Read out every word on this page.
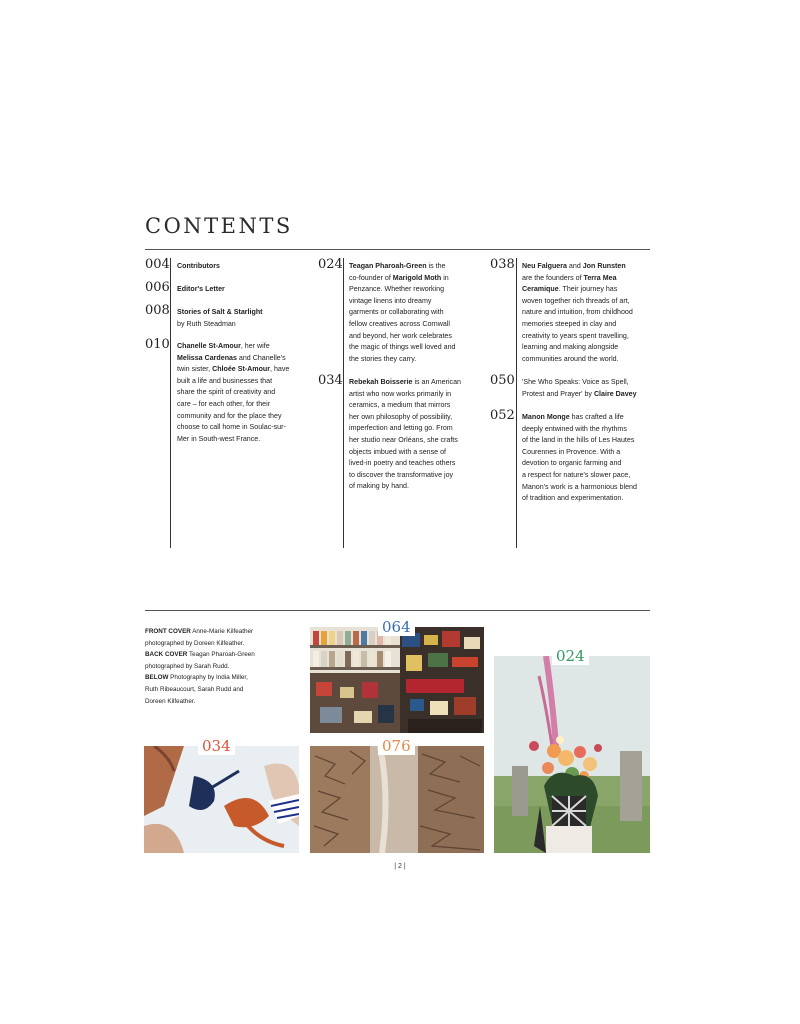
CONTENTS
004 Contributors
006 Editor's Letter
008 Stories of Salt & Starlight
by Ruth Steadman
010 Chanelle St-Amour, her wife
Melissa Cardenas and Chanelle's
twin sister, Chloée St-Amour, have
built a life and businesses that
share the spirit of creativity and
care – for each other, for their
community and for the place they
choose to call home in Soulac-sur-
Mer in South-west France.
024 Teagan Pharoah-Green is the
co-founder of Marigold Moth in
Penzance. Whether reworking
vintage linens into dreamy
garments or collaborating with
fellow creatives across Cornwall
and beyond, her work celebrates
the magic of things well loved and
the stories they carry.
034 Rebekah Boisserie is an American
artist who now works primarily in
ceramics, a medium that mirrors
her own philosophy of possibility,
imperfection and letting go. From
her studio near Orléans, she crafts
objects imbued with a sense of
lived-in poetry and teaches others
to discover the transformative joy
of making by hand.
038 Neu Falguera and Jon Runsten
are the founders of Terra Mea
Ceramique. Their journey has
woven together rich threads of art,
nature and intuition, from childhood
memories steeped in clay and
creativity to years spent travelling,
learning and making alongside
communities around the world.
050 'She Who Speaks: Voice as Spell,
Protest and Prayer' by Claire Davey
052 Manon Monge has crafted a life
deeply entwined with the rhythms
of the land in the hills of Les Hautes
Courennes in Provence. With a
devotion to organic farming and
a respect for nature's slower pace,
Manon's work is a harmonious blend
of tradition and experimentation.
FRONT COVER Anne-Marie Kilfeather
photographed by Doreen Kilfeather.
BACK COVER Teagan Pharoah-Green
photographed by Sarah Rudd.
BELOW Photography by India Miller,
Ruth Ribeaucourt, Sarah Rudd and
Doreen Kilfeather.
064
034	076
024
| 2 |
